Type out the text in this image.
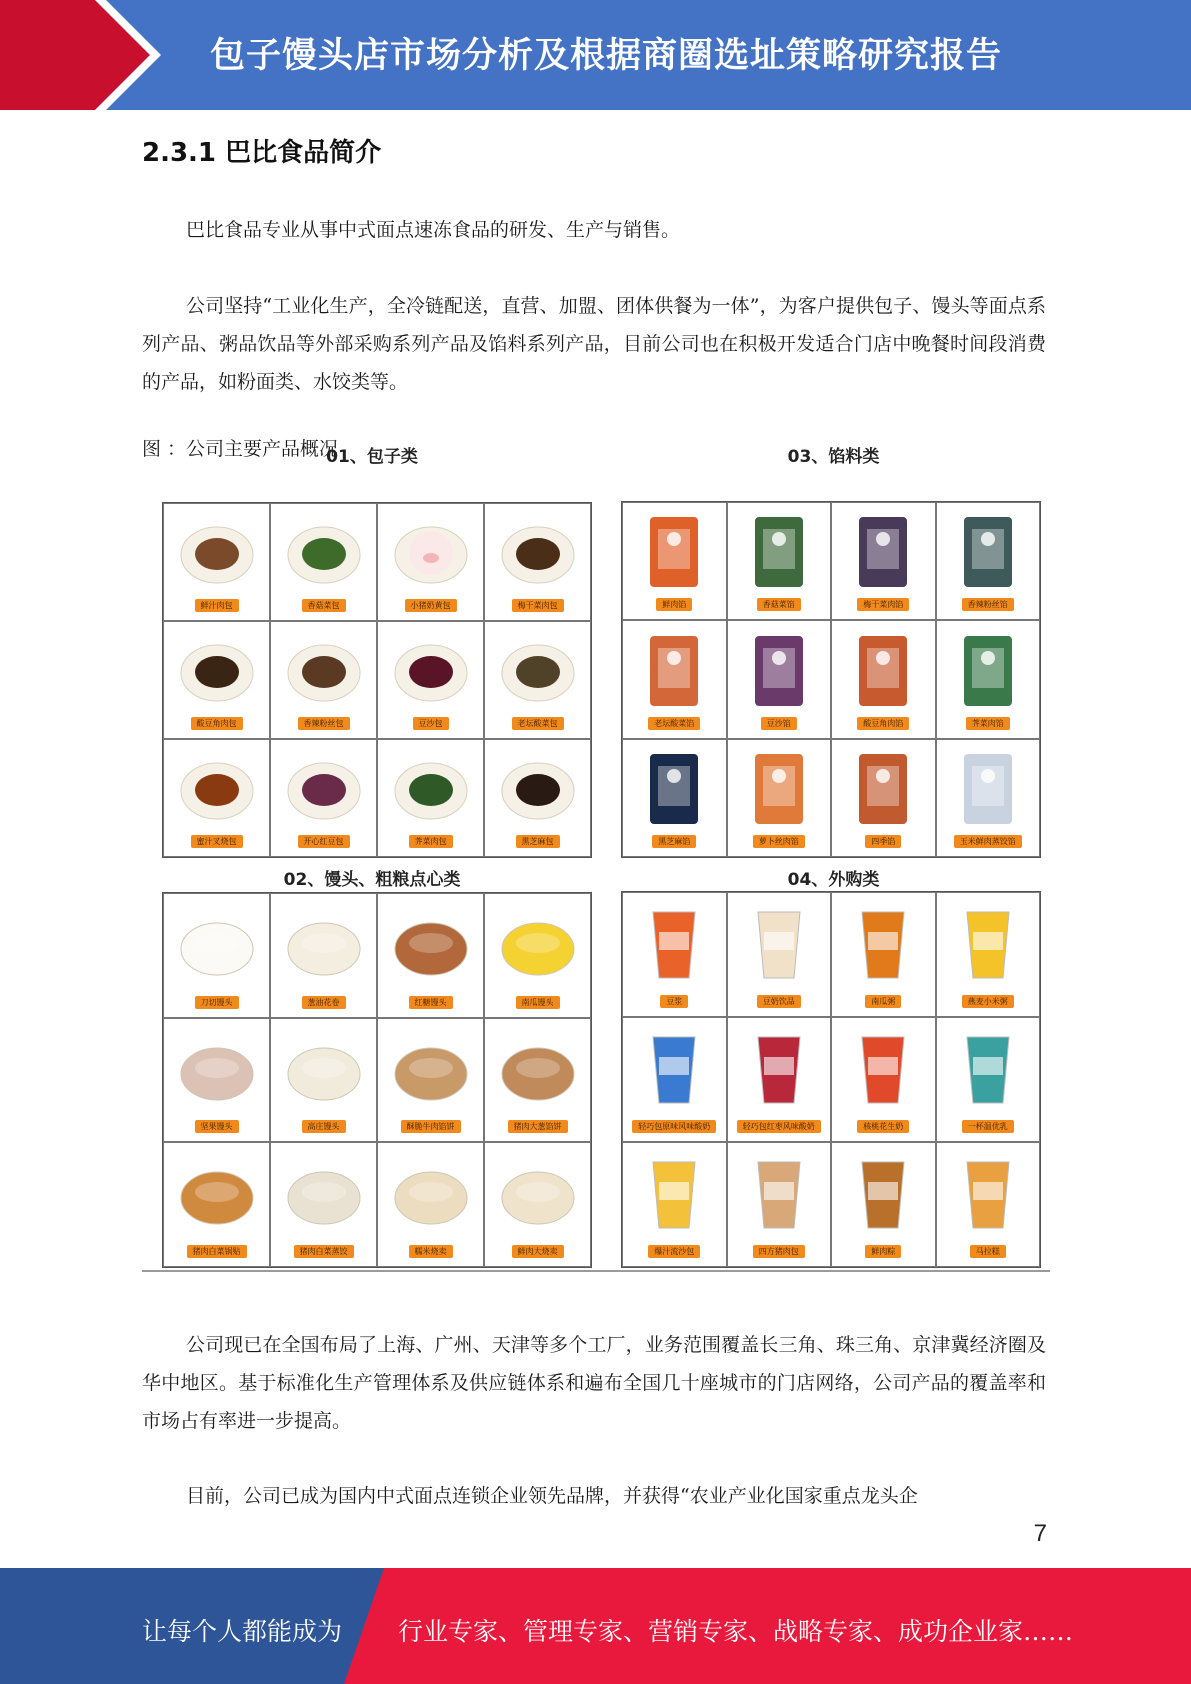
包子馒头店市场分析及根据商圈选址策略研究报告
2.3.1 巴比食品简介

巴比食品专业从事中式面点速冻食品的研发、生产与销售。

公司坚持“工业化生产，全冷链配送，直营、加盟、团体供餐为一体”，为客户提供包子、馒头等面点系列产品、粥品饮品等外部采购系列产品及馅料系列产品，目前公司也在积极开发适合门店中晚餐时间段消费的产品，如粉面类、水饺类等。

图 ：公司主要产品概况

01、包子类
鲜汁肉包	香菇菜包	小猪奶黄包	梅干菜肉包
酸豆角肉包	香辣粉丝包	豆沙包	老坛酸菜包
蜜汁叉烧包	开心红豆包	荠菜肉包	黑芝麻包
03、馅料类
鲜肉馅	香菇菜馅	梅干菜肉馅	香辣粉丝馅
老坛酸菜馅	豆沙馅	酸豆角肉馅	荠菜肉馅
黑芝麻馅	萝卜丝肉馅	四季馅	玉米鲜肉蒸饺馅
02、馒头、粗粮点心类
刀切馒头	葱油花卷	红糖馒头	南瓜馒头
坚果馒头	高庄馒头	酥脆牛肉馅饼	猪肉大葱馅饼
猪肉白菜锅贴	猪肉白菜蒸饺	糯米烧卖	鲜肉大烧卖
04、外购类
豆浆	豆奶饮品	南瓜粥	燕麦小米粥
轻巧包原味风味酸奶	轻巧包红枣风味酸奶	核桃花生奶	一杯温优乳
爆汁流沙包	四方猪肉包	鲜肉粽	马拉糕

公司现已在全国布局了上海、广州、天津等多个工厂，业务范围覆盖长三角、珠三角、京津冀经济圈及华中地区。基于标准化生产管理体系及供应链体系和遍布全国几十座城市的门店网络，公司产品的覆盖率和市场占有率进一步提高。

目前，公司已成为国内中式面点连锁企业领先品牌，并获得“农业产业化国家重点龙头企

7
让每个人都能成为 行业专家、管理专家、营销专家、战略专家、成功企业家……
